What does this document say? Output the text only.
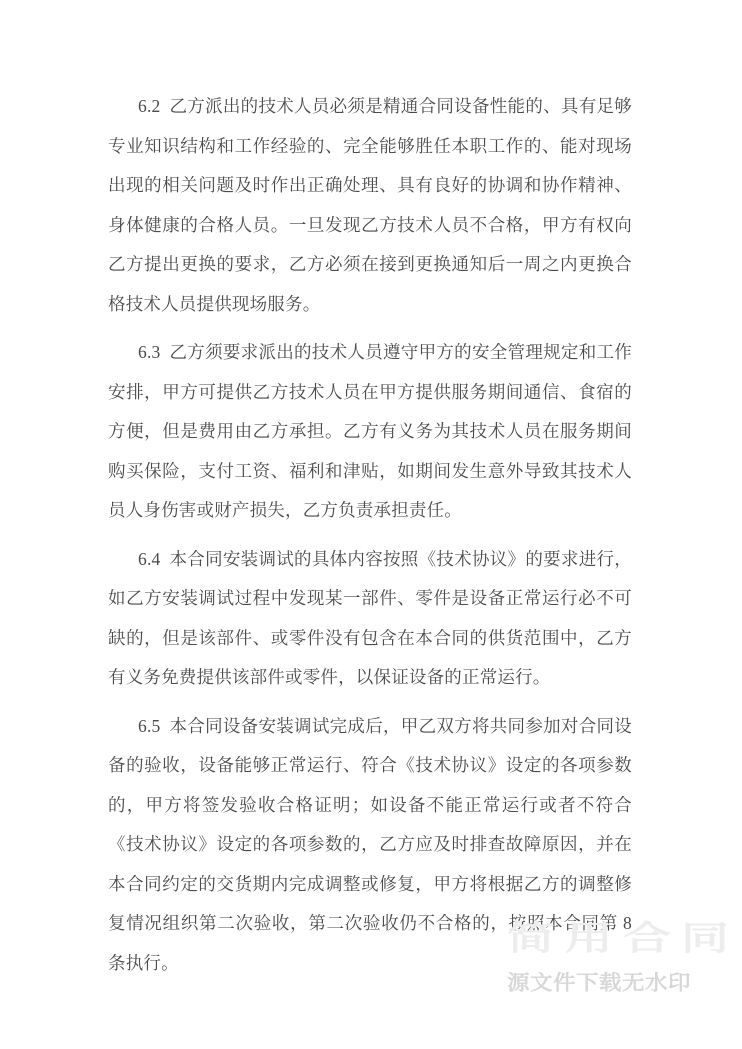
6.2 乙方派出的技术人员必须是精通合同设备性能的、具有足够专业知识结构和工作经验的、完全能够胜任本职工作的、能对现场出现的相关问题及时作出正确处理、具有良好的协调和协作精神、身体健康的合格人员。一旦发现乙方技术人员不合格，甲方有权向乙方提出更换的要求，乙方必须在接到更换通知后一周之内更换合格技术人员提供现场服务。

6.3 乙方须要求派出的技术人员遵守甲方的安全管理规定和工作安排，甲方可提供乙方技术人员在甲方提供服务期间通信、食宿的方便，但是费用由乙方承担。乙方有义务为其技术人员在服务期间购买保险，支付工资、福利和津贴，如期间发生意外导致其技术人员人身伤害或财产损失，乙方负责承担责任。

6.4 本合同安装调试的具体内容按照《技术协议》的要求进行，如乙方安装调试过程中发现某一部件、零件是设备正常运行必不可缺的，但是该部件、或零件没有包含在本合同的供货范围中，乙方有义务免费提供该部件或零件，以保证设备的正常运行。

6.5 本合同设备安装调试完成后，甲乙双方将共同参加对合同设备的验收，设备能够正常运行、符合《技术协议》设定的各项参数的，甲方将签发验收合格证明；如设备不能正常运行或者不符合《技术协议》设定的各项参数的，乙方应及时排查故障原因，并在本合同约定的交货期内完成调整或修复，甲方将根据乙方的调整修复情况组织第二次验收，第二次验收仍不合格的，按照本合同第 8 条执行。

简用合同
源文件下载无水印
